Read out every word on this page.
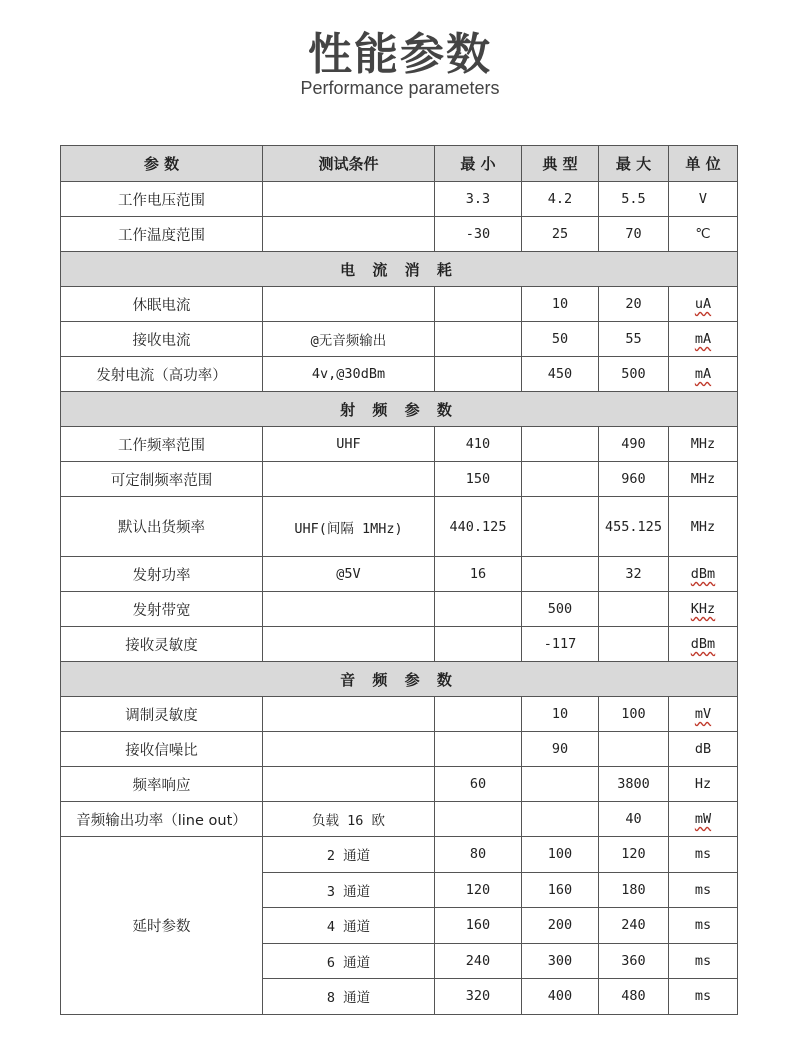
性能参数
Performance parameters
参 数	测试条件	最 小	典 型	最 大	单 位
工作电压范围		3.3	4.2	5.5	V
工作温度范围		-30	25	70	℃
电 流 消 耗					
休眠电流			10	20	uA
接收电流	@无音频输出		50	55	mA
发射电流（高功率）	4v,@30dBm		450	500	mA
射 频 参 数					
工作频率范围	UHF	410		490	MHz
可定制频率范围		150		960	MHz
默认出货频率	UHF(间隔 1MHz)	440.125		455.125	MHz
发射功率	@5V	16		32	dBm
发射带宽			500		KHz
接收灵敏度			-117		dBm
音 频 参 数					
调制灵敏度			10	100	mV
接收信噪比			90		dB
频率响应		60		3800	Hz
音频输出功率（line out）	负载 16 欧			40	mW
延时参数	2 通道	80	100	120	ms
	3 通道	120	160	180	ms
	4 通道	160	200	240	ms
	6 通道	240	300	360	ms
	8 通道	320	400	480	ms
